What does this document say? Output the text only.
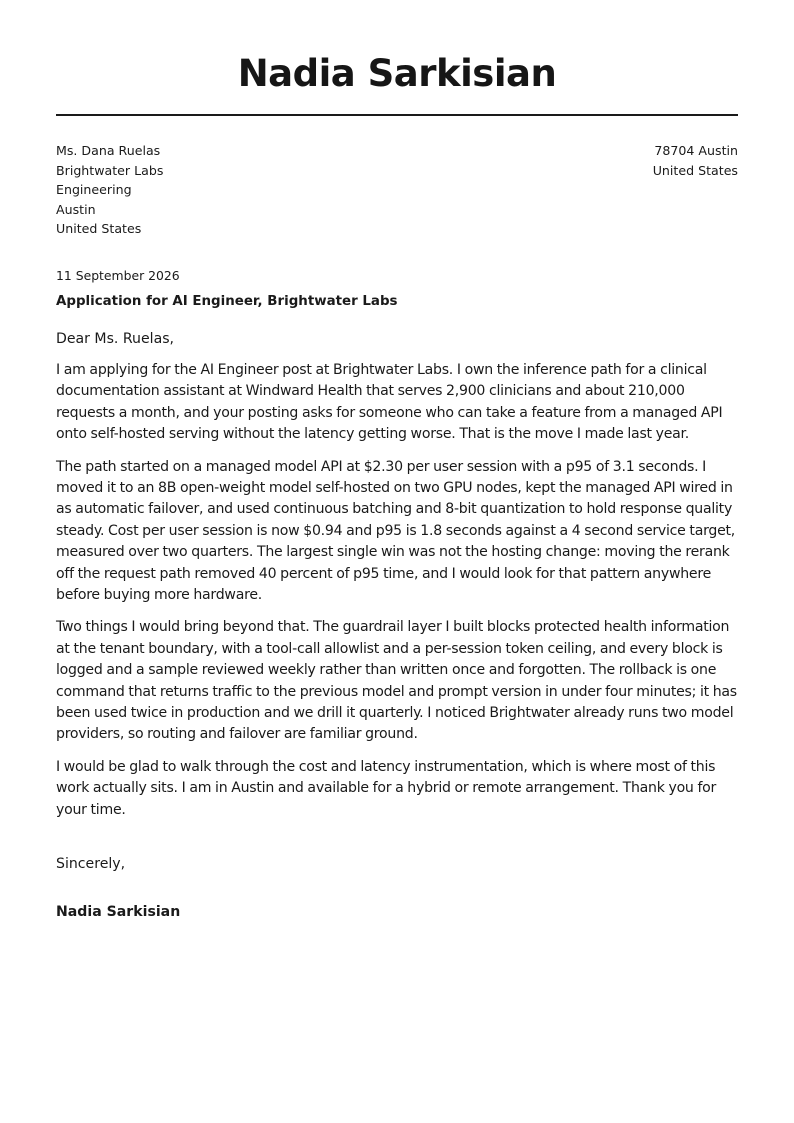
Nadia Sarkisian
Ms. Dana Ruelas
Brightwater Labs
Engineering
Austin
United States
78704 Austin
United States
11 September 2026
Application for AI Engineer, Brightwater Labs
Dear Ms. Ruelas,
I am applying for the AI Engineer post at Brightwater Labs. I own the inference path for a clinical documentation assistant at Windward Health that serves 2,900 clinicians and about 210,000 requests a month, and your posting asks for someone who can take a feature from a managed API onto self-hosted serving without the latency getting worse. That is the move I made last year.
The path started on a managed model API at $2.30 per user session with a p95 of 3.1 seconds. I moved it to an 8B open-weight model self-hosted on two GPU nodes, kept the managed API wired in as automatic failover, and used continuous batching and 8-bit quantization to hold response quality steady. Cost per user session is now $0.94 and p95 is 1.8 seconds against a 4 second service target, measured over two quarters. The largest single win was not the hosting change: moving the rerank off the request path removed 40 percent of p95 time, and I would look for that pattern anywhere before buying more hardware.
Two things I would bring beyond that. The guardrail layer I built blocks protected health information at the tenant boundary, with a tool-call allowlist and a per-session token ceiling, and every block is logged and a sample reviewed weekly rather than written once and forgotten. The rollback is one command that returns traffic to the previous model and prompt version in under four minutes; it has been used twice in production and we drill it quarterly. I noticed Brightwater already runs two model providers, so routing and failover are familiar ground.
I would be glad to walk through the cost and latency instrumentation, which is where most of this work actually sits. I am in Austin and available for a hybrid or remote arrangement. Thank you for your time.
Sincerely,
Nadia Sarkisian
